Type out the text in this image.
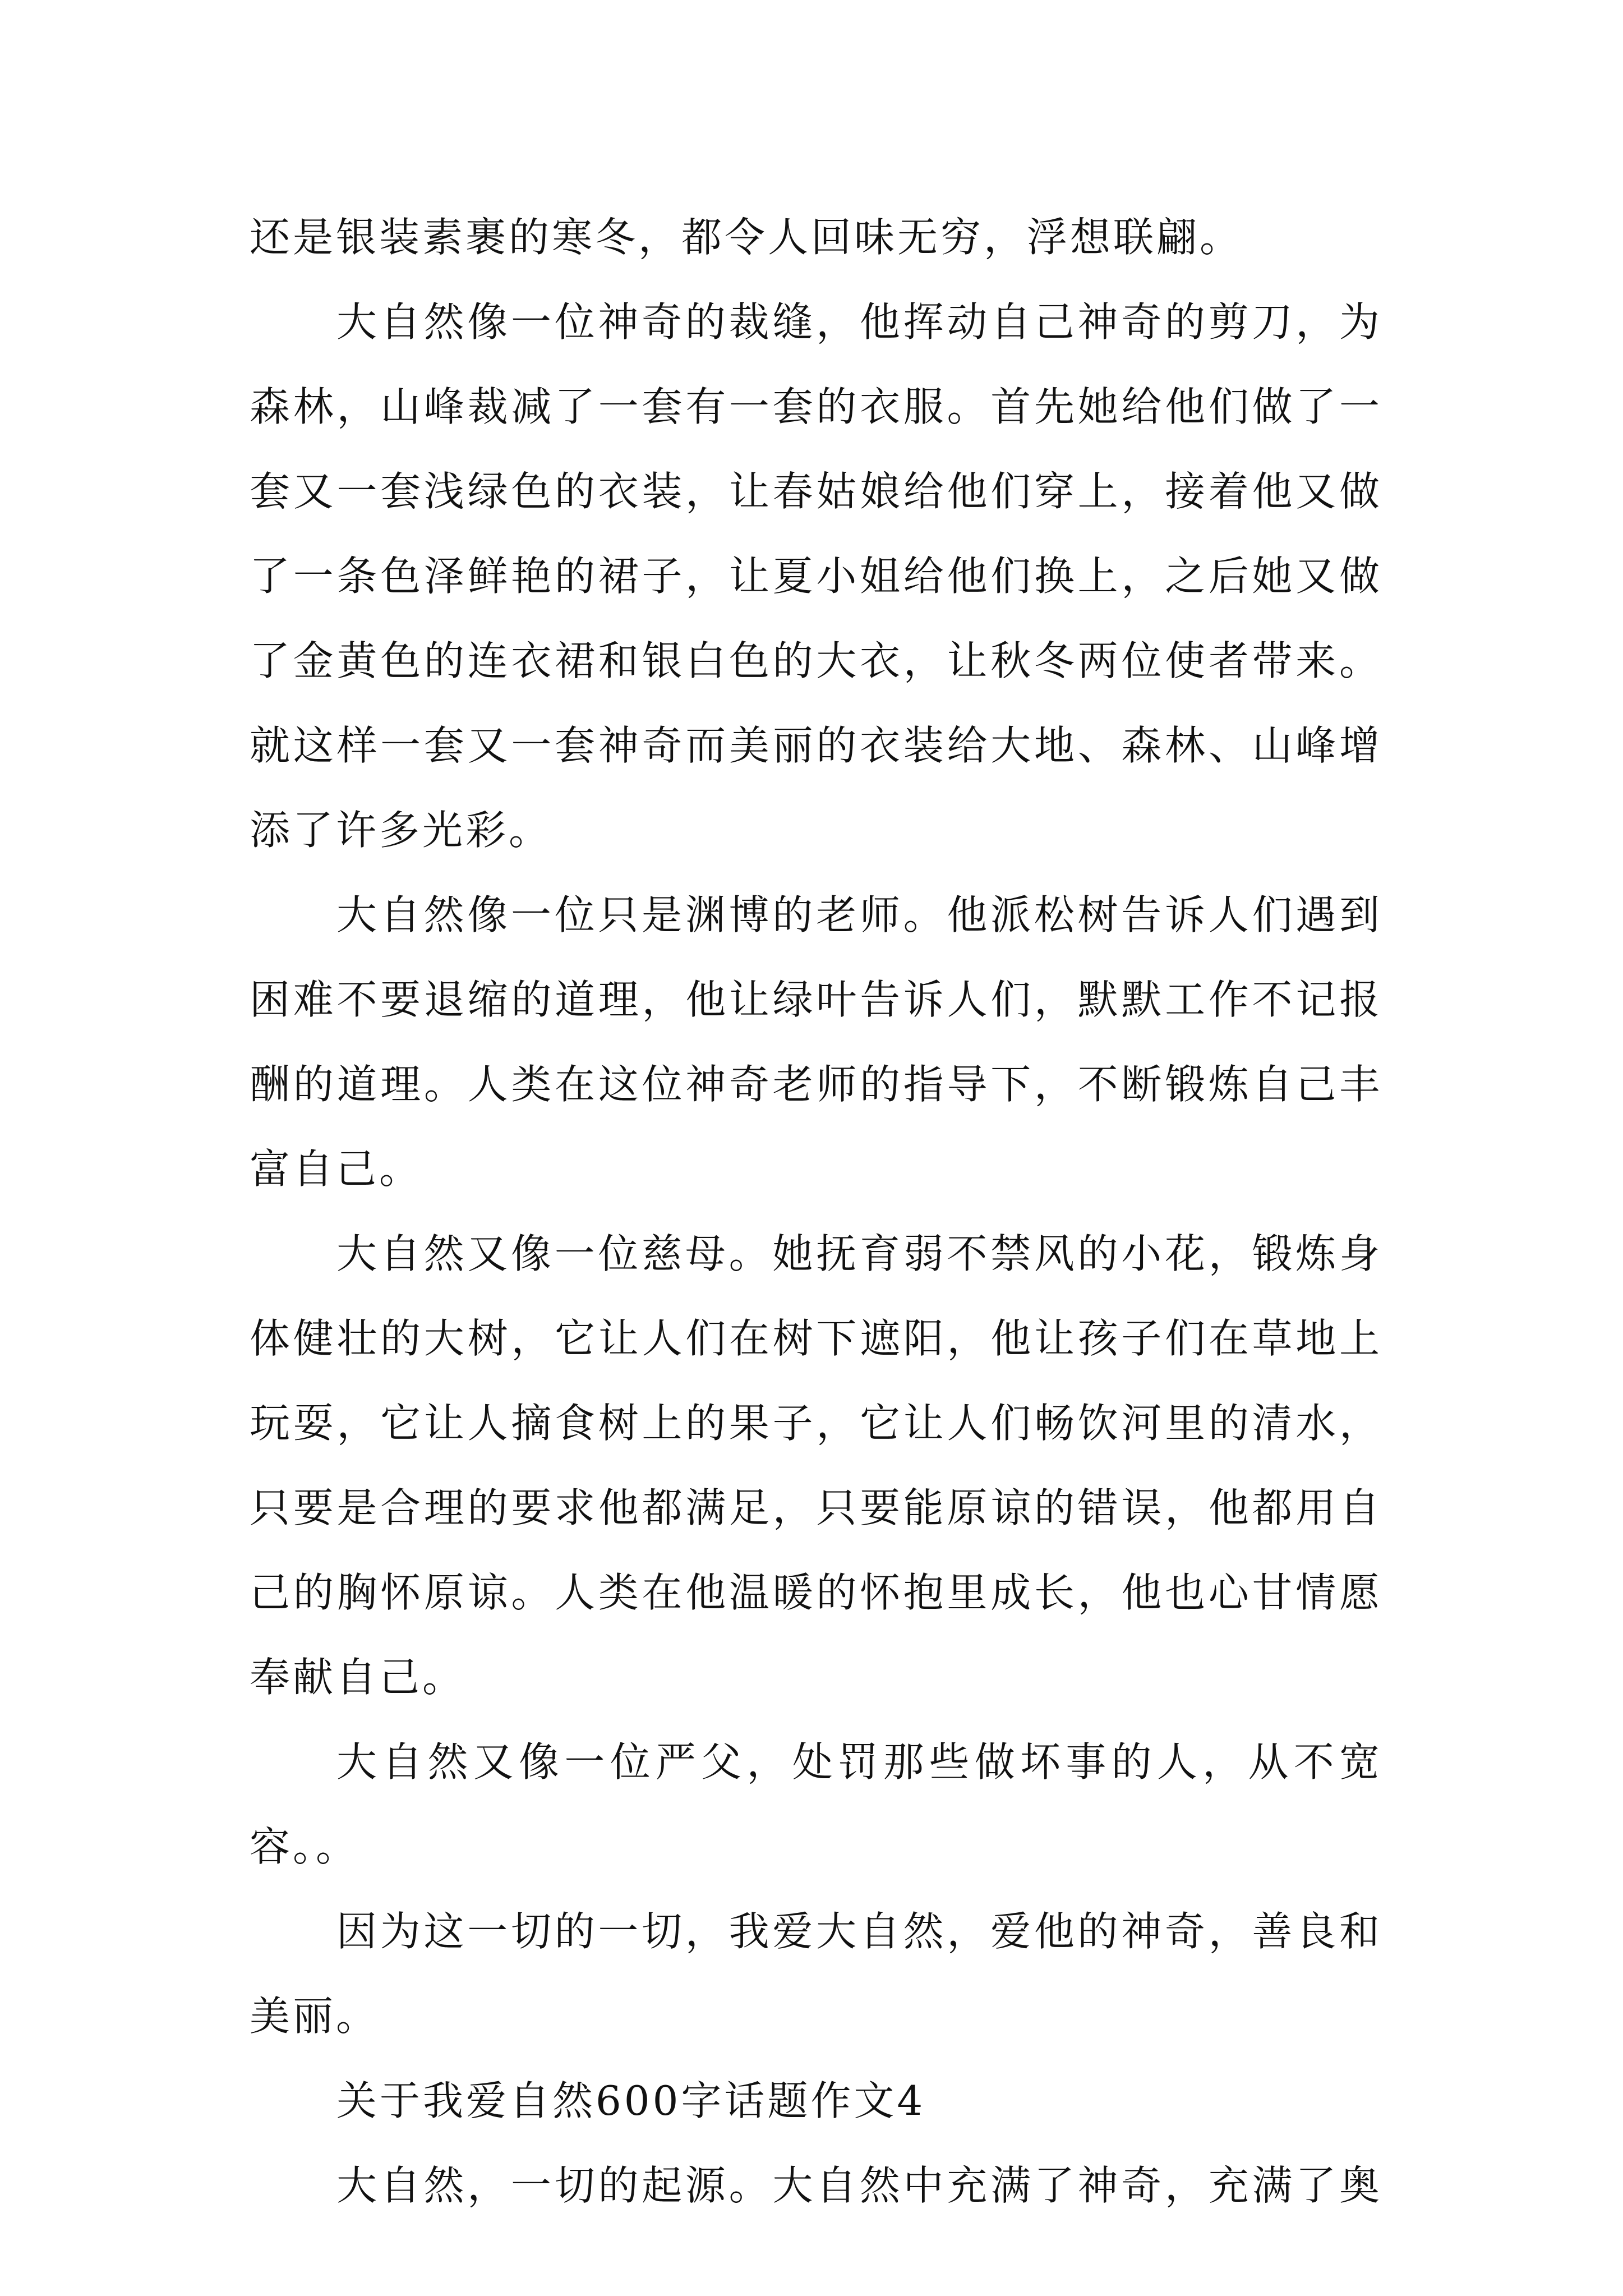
还是银装素裹的寒冬，都令人回味无穷，浮想联翩。
大自然像一位神奇的裁缝，他挥动自己神奇的剪刀，为
森林，山峰裁减了一套有一套的衣服。首先她给他们做了一
套又一套浅绿色的衣装，让春姑娘给他们穿上，接着他又做
了一条色泽鲜艳的裙子，让夏小姐给他们换上，之后她又做
了金黄色的连衣裙和银白色的大衣，让秋冬两位使者带来。
就这样一套又一套神奇而美丽的衣装给大地、森林、山峰增
添了许多光彩。
大自然像一位只是渊博的老师。他派松树告诉人们遇到
困难不要退缩的道理，他让绿叶告诉人们，默默工作不记报
酬的道理。人类在这位神奇老师的指导下，不断锻炼自己丰
富自己。
大自然又像一位慈母。她抚育弱不禁风的小花，锻炼身
体健壮的大树，它让人们在树下遮阳，他让孩子们在草地上
玩耍，它让人摘食树上的果子，它让人们畅饮河里的清水，
只要是合理的要求他都满足，只要能原谅的错误，他都用自
己的胸怀原谅。人类在他温暖的怀抱里成长，他也心甘情愿
奉献自己。
大自然又像一位严父，处罚那些做坏事的人，从不宽
容。。
因为这一切的一切，我爱大自然，爱他的神奇，善良和
美丽。
关于我爱自然600字话题作文4
大自然，一切的起源。大自然中充满了神奇，充满了奥
